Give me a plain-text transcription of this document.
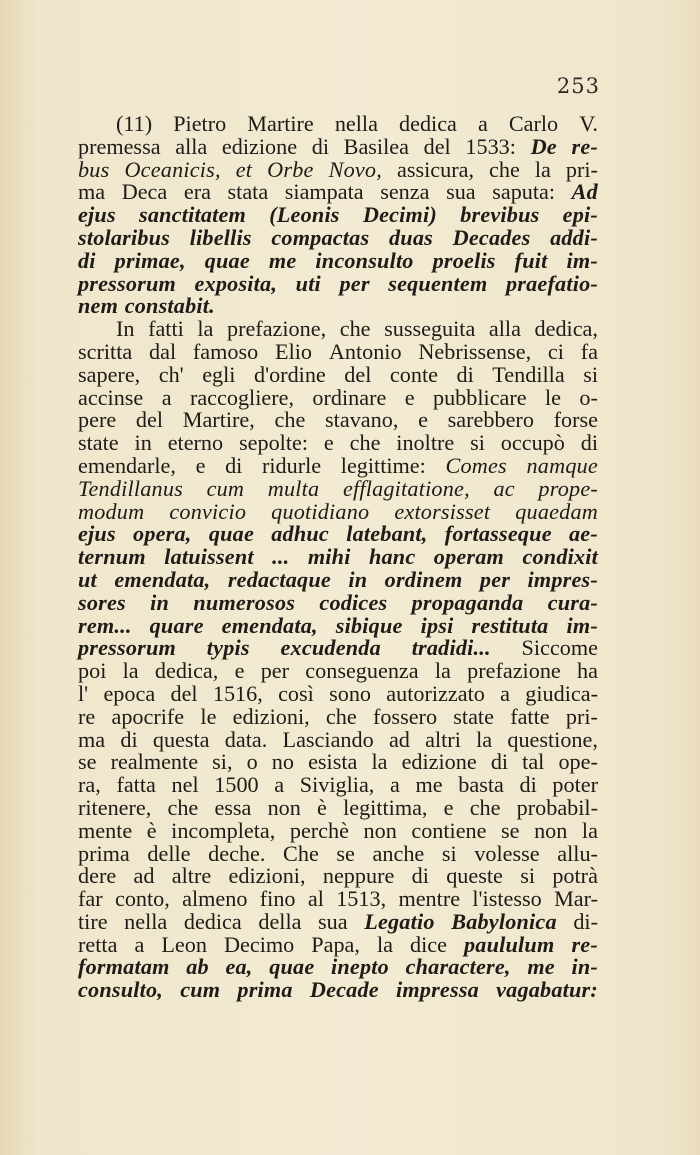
253
(11) Pietro Martire nella dedica a Carlo V.
premessa alla edizione di Basilea del 1533: De re-
bus Oceanicis, et Orbe Novo, assicura, che la pri-
ma Deca era stata siampata senza sua saputa: Ad
ejus sanctitatem (Leonis Decimi) brevibus epi-
stolaribus libellis compactas duas Decades addi-
di primae, quae me inconsulto proelis fuit im-
pressorum exposita, uti per sequentem praefatio-
nem constabit.
In fatti la prefazione, che susseguita alla dedica,
scritta dal famoso Elio Antonio Nebrissense, ci fa
sapere, ch' egli d'ordine del conte di Tendilla si
accinse a raccogliere, ordinare e pubblicare le o-
pere del Martire, che stavano, e sarebbero forse
state in eterno sepolte: e che inoltre si occupò di
emendarle, e di ridurle legittime: Comes namque
Tendillanus cum multa efflagitatione, ac prope-
modum convicio quotidiano extorsisset quaedam
ejus opera, quae adhuc latebant, fortasseque ae-
ternum latuissent ... mihi hanc operam condixit
ut emendata, redactaque in ordinem per impres-
sores in numerosos codices propaganda cura-
rem... quare emendata, sibique ipsi restituta im-
pressorum typis excudenda tradidi... Siccome
poi la dedica, e per conseguenza la prefazione ha
l' epoca del 1516, così sono autorizzato a giudica-
re apocrife le edizioni, che fossero state fatte pri-
ma di questa data. Lasciando ad altri la questione,
se realmente si, o no esista la edizione di tal ope-
ra, fatta nel 1500 a Siviglia, a me basta di poter
ritenere, che essa non è legittima, e che probabil-
mente è incompleta, perchè non contiene se non la
prima delle deche. Che se anche si volesse allu-
dere ad altre edizioni, neppure di queste si potrà
far conto, almeno fino al 1513, mentre l'istesso Mar-
tire nella dedica della sua Legatio Babylonica di-
retta a Leon Decimo Papa, la dice paululum re-
formatam ab ea, quae inepto charactere, me in-
consulto, cum prima Decade impressa vagabatur:
